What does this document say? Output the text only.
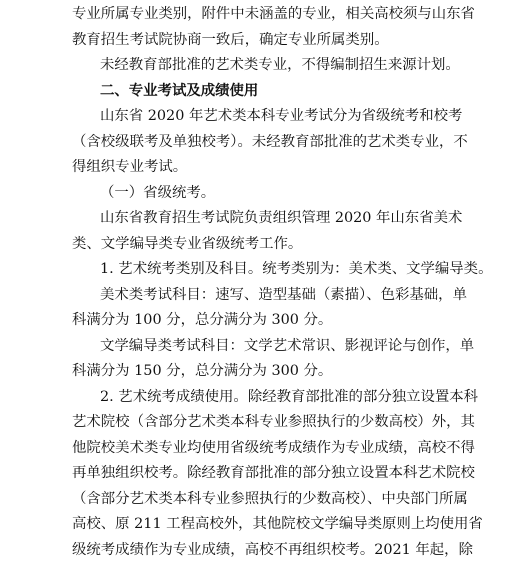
专业所属专业类别，附件中未涵盖的专业，相关高校须与山东省
教育招生考试院协商一致后，确定专业所属类别。
未经教育部批准的艺术类专业，不得编制招生来源计划。
二、专业考试及成绩使用
山东省 2020 年艺术类本科专业考试分为省级统考和校考
（含校级联考及单独校考）。未经教育部批准的艺术类专业，不
得组织专业考试。
（一）省级统考。
山东省教育招生考试院负责组织管理 2020 年山东省美术
类、文学编导类专业省级统考工作。
1. 艺术统考类别及科目。统考类别为：美术类、文学编导类。
美术类考试科目：速写、造型基础（素描）、色彩基础，单
科满分为 100 分，总分满分为 300 分。
文学编导类考试科目：文学艺术常识、影视评论与创作，单
科满分为 150 分，总分满分为 300 分。
2. 艺术统考成绩使用。除经教育部批准的部分独立设置本科
艺术院校（含部分艺术类本科专业参照执行的少数高校）外，其
他院校美术类专业均使用省级统考成绩作为专业成绩，高校不得
再单独组织校考。除经教育部批准的部分独立设置本科艺术院校
（含部分艺术类本科专业参照执行的少数高校）、中央部门所属
高校、原 211 工程高校外，其他院校文学编导类原则上均使用省
级统考成绩作为专业成绩，高校不再组织校考。2021 年起，除
